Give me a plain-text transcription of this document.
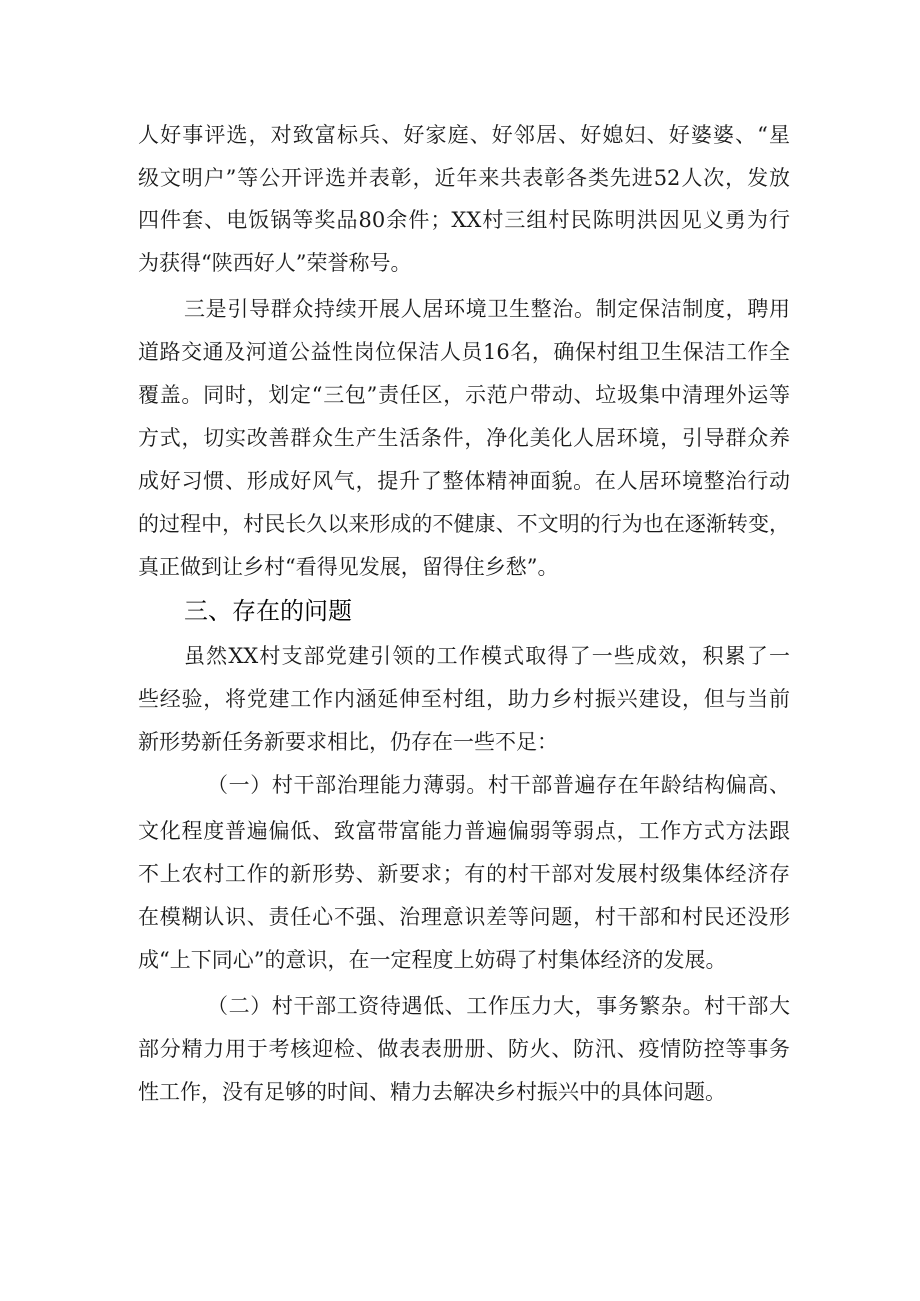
人好事评选，对致富标兵、好家庭、好邻居、好媳妇、好婆婆、“星
级文明户”等公开评选并表彰，近年来共表彰各类先进52人次，发放
四件套、电饭锅等奖品80余件；XX村三组村民陈明洪因见义勇为行
为获得“陕西好人”荣誉称号。
三是引导群众持续开展人居环境卫生整治。制定保洁制度，聘用
道路交通及河道公益性岗位保洁人员16名，确保村组卫生保洁工作全
覆盖。同时，划定“三包”责任区，示范户带动、垃圾集中清理外运等
方式，切实改善群众生产生活条件，净化美化人居环境，引导群众养
成好习惯、形成好风气，提升了整体精神面貌。在人居环境整治行动
的过程中，村民长久以来形成的不健康、不文明的行为也在逐渐转变，
真正做到让乡村“看得见发展，留得住乡愁”。
三、存在的问题
虽然XX村支部党建引领的工作模式取得了一些成效，积累了一
些经验，将党建工作内涵延伸至村组，助力乡村振兴建设，但与当前
新形势新任务新要求相比，仍存在一些不足：
（一）村干部治理能力薄弱。村干部普遍存在年龄结构偏高、
文化程度普遍偏低、致富带富能力普遍偏弱等弱点，工作方式方法跟
不上农村工作的新形势、新要求；有的村干部对发展村级集体经济存
在模糊认识、责任心不强、治理意识差等问题，村干部和村民还没形
成“上下同心”的意识，在一定程度上妨碍了村集体经济的发展。
（二）村干部工资待遇低、工作压力大，事务繁杂。村干部大
部分精力用于考核迎检、做表表册册、防火、防汛、疫情防控等事务
性工作，没有足够的时间、精力去解决乡村振兴中的具体问题。
